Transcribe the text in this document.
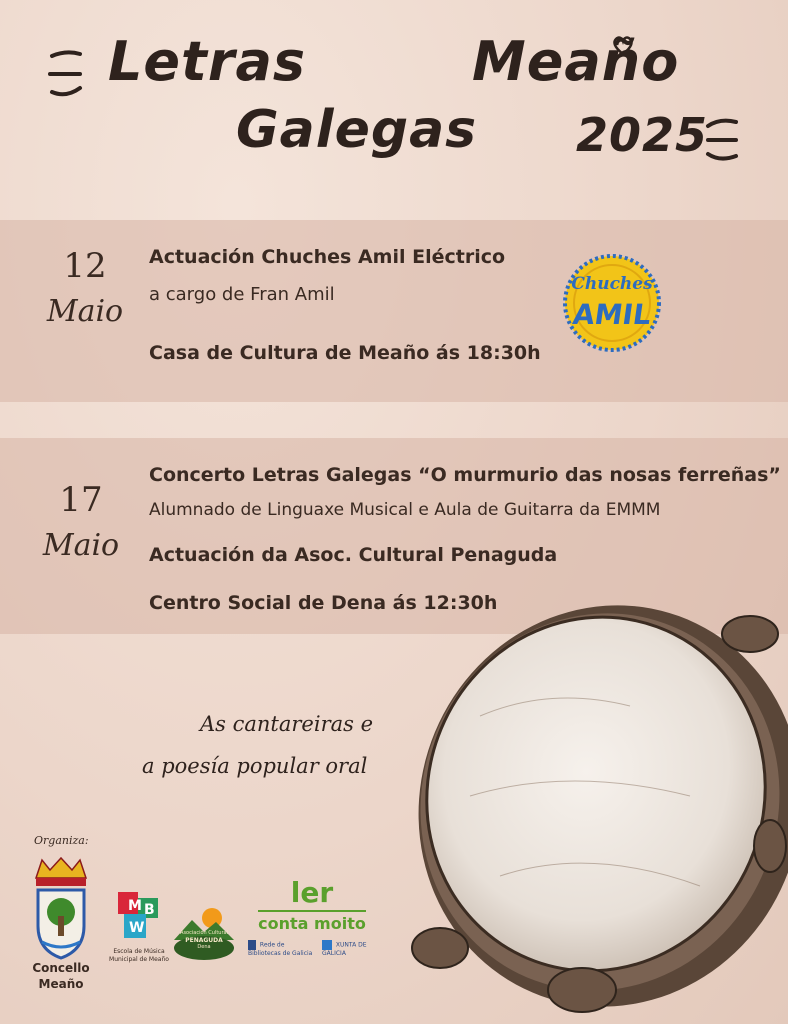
Letras
Galegas
Meaño
2025
12
Maio
Actuación Chuches Amil Eléctrico
a cargo de Fran Amil
Casa de Cultura de Meaño ás 18:30h
Chuches
AMIL
17
Maio
Concerto Letras Galegas “O murmurio das nosas ferreñas”
Alumnado de Linguaxe Musical e Aula de Guitarra da EMMM
Actuación da Asoc. Cultural Penaguda
Centro Social de Dena ás 12:30h
As cantareiras e
a poesía popular oral
Organiza:
Concello
Meaño
M B
W
Escola de Música Municipal de Meaño
Asociación Cultural
PENAGUDA
Dena
ler
conta moito
Rede de Bibliotecas de Galicia
XUNTA DE GALICIA
